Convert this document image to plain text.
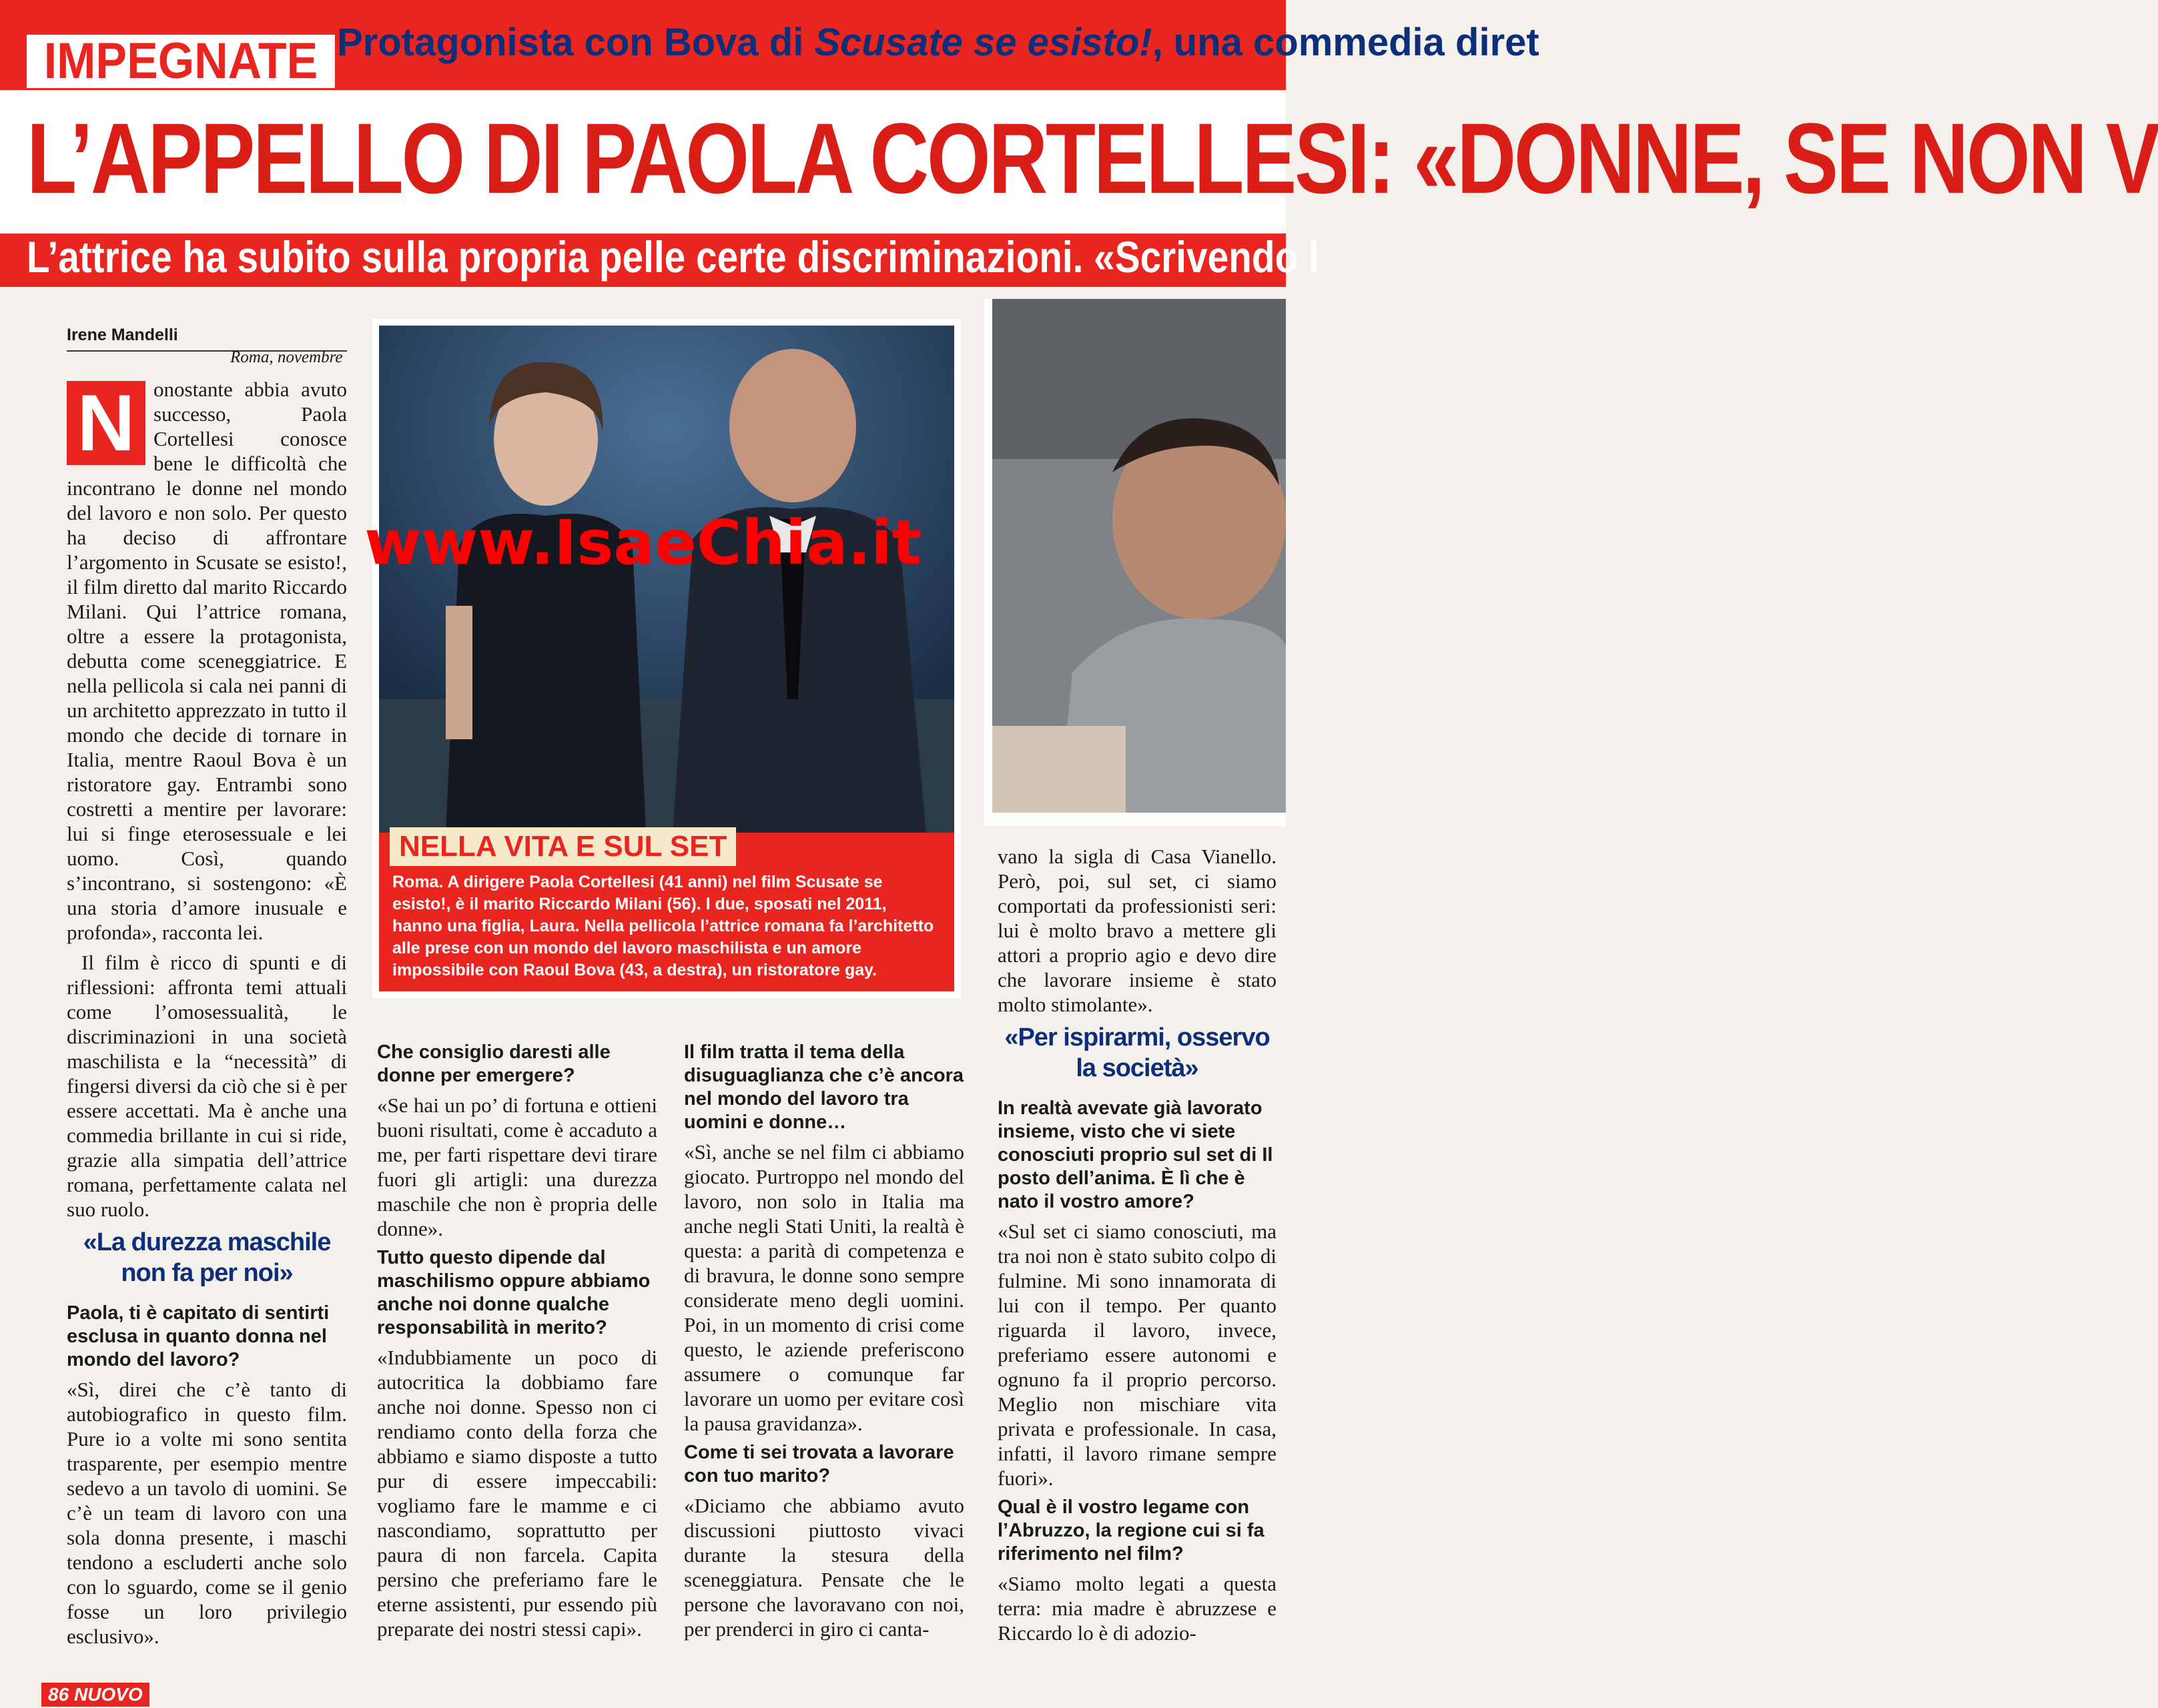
IMPEGNATE Protagonista con Bova di Scusate se esisto!, una commedia diret
L’APPELLO DI PAOLA CORTELLESI: «DONNE, SE NON V
L’attrice ha subito sulla propria pelle certe discriminazioni. «Scrivendo l
Irene Mandelli
Roma, novembre
N onostante abbia avuto successo, Paola Cortellesi conosce bene le difficoltà che incontrano le donne nel mondo del lavoro e non solo. Per questo ha deciso di affrontare l’argomento in Scusate se esisto!, il film diretto dal marito Riccardo Milani. Qui l’attrice romana, oltre a essere la protagonista, debutta come sceneggiatrice. E nella pellicola si cala nei panni di un architetto apprezzato in tutto il mondo che decide di tornare in Italia, mentre Raoul Bova è un ristoratore gay. Entrambi sono costretti a mentire per lavorare: lui si finge eterosessuale e lei uomo. Così, quando s’incontrano, si sostengono: «È una storia d’amore inusuale e profonda», racconta lei.

Il film è ricco di spunti e di riflessioni: affronta temi attuali come l’omosessualità, le discriminazioni in una società maschilista e la “necessità” di fingersi diversi da ciò che si è per essere accettati. Ma è anche una commedia brillante in cui si ride, grazie alla simpatia dell’attrice romana, perfettamente calata nel suo ruolo.

«La durezza maschile non fa per noi»

Paola, ti è capitato di sentirti esclusa in quanto donna nel mondo del lavoro?

«Sì, direi che c’è tanto di autobiografico in questo film. Pure io a volte mi sono sentita trasparente, per esempio mentre sedevo a un tavolo di uomini. Se c’è un team di lavoro con una sola donna presente, i maschi tendono a escluderti anche solo con lo sguardo, come se il genio fosse un loro privilegio esclusivo».

NELLA VITA E SUL SET
Roma. A dirigere Paola Cortellesi (41 anni) nel film Scusate se esisto!, è il marito Riccardo Milani (56). I due, sposati nel 2011, hanno una figlia, Laura. Nella pellicola l’attrice romana fa l’architetto alle prese con un mondo del lavoro maschilista e un amore impossibile con Raoul Bova (43, a destra), un ristoratore gay.
www.IsaeChia.it

Che consiglio daresti alle donne per emergere?

«Se hai un po’ di fortuna e ottieni buoni risultati, come è accaduto a me, per farti rispettare devi tirare fuori gli artigli: una durezza maschile che non è propria delle donne».

Tutto questo dipende dal maschilismo oppure abbiamo anche noi donne qualche responsabilità in merito?

«Indubbiamente un poco di autocritica la dobbiamo fare anche noi donne. Spesso non ci rendiamo conto della forza che abbiamo e siamo disposte a tutto pur di essere impeccabili: vogliamo fare le mamme e ci nascondiamo, soprattutto per paura di non farcela. Capita persino che preferiamo fare le eterne assistenti, pur essendo più preparate dei nostri stessi capi».

Il film tratta il tema della disuguaglianza che c’è ancora nel mondo del lavoro tra uomini e donne…

«Sì, anche se nel film ci abbiamo giocato. Purtroppo nel mondo del lavoro, non solo in Italia ma anche negli Stati Uniti, la realtà è questa: a parità di competenza e di bravura, le donne sono sempre considerate meno degli uomini. Poi, in un momento di crisi come questo, le aziende preferiscono assumere o comunque far lavorare un uomo per evitare così la pausa gravidanza».

Come ti sei trovata a lavorare con tuo marito?

«Diciamo che abbiamo avuto discussioni piuttosto vivaci durante la stesura della sceneggiatura. Pensate che le persone che lavoravano con noi, per prenderci in giro ci canta-

vano la sigla di Casa Vianello. Però, poi, sul set, ci siamo comportati da professionisti seri: lui è molto bravo a mettere gli attori a proprio agio e devo dire che lavorare insieme è stato molto stimolante».

«Per ispirarmi, osservo la società»

In realtà avevate già lavorato insieme, visto che vi siete conosciuti proprio sul set di Il posto dell’anima. È lì che è nato il vostro amore?

«Sul set ci siamo conosciuti, ma tra noi non è stato subito colpo di fulmine. Mi sono innamorata di lui con il tempo. Per quanto riguarda il lavoro, invece, preferiamo essere autonomi e ognuno fa il proprio percorso. Meglio non mischiare vita privata e professionale. In casa, infatti, il lavoro rimane sempre fuori».

Qual è il vostro legame con l’Abruzzo, la regione cui si fa riferimento nel film?

«Siamo molto legati a questa terra: mia madre è abruzzese e Riccardo lo è di adozio-

86 NUOVO
